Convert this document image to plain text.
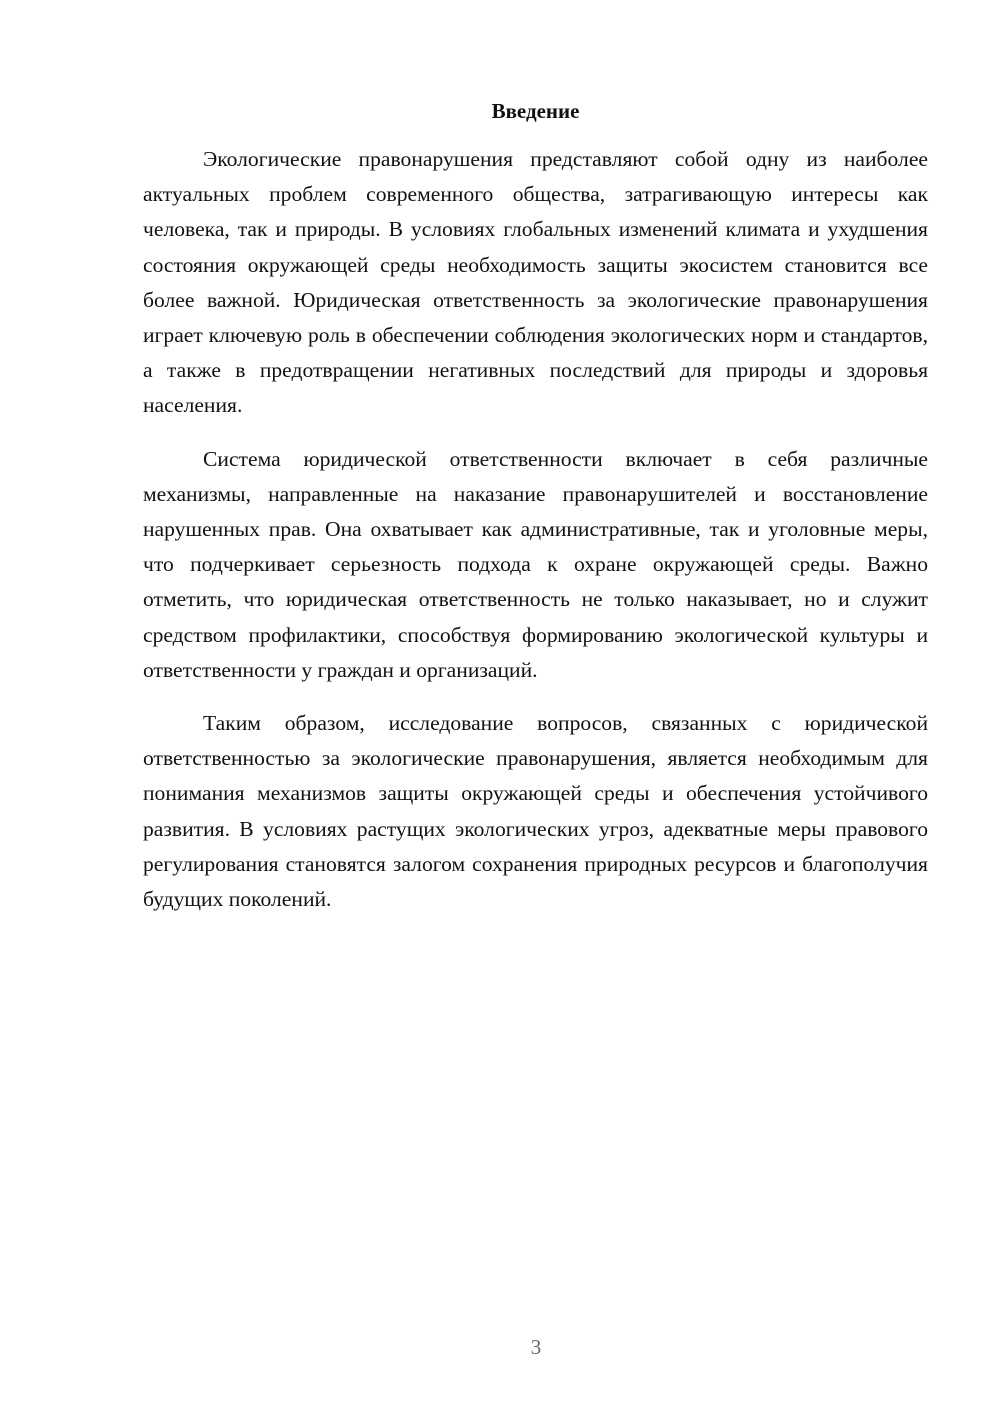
Введение

Экологические правонарушения представляют собой одну из наиболее актуальных проблем современного общества, затрагивающую интересы как человека, так и природы. В условиях глобальных изменений климата и ухудшения состояния окружающей среды необходимость защиты экосистем становится все более важной. Юридическая ответственность за экологические правонарушения играет ключевую роль в обеспечении соблюдения экологических норм и стандартов, а также в предотвращении негативных последствий для природы и здоровья населения.

Система юридической ответственности включает в себя различные механизмы, направленные на наказание правонарушителей и восстановление нарушенных прав. Она охватывает как административные, так и уголовные меры, что подчеркивает серьезность подхода к охране окружающей среды. Важно отметить, что юридическая ответственность не только наказывает, но и служит средством профилактики, способствуя формированию экологической культуры и ответственности у граждан и организаций.

Таким образом, исследование вопросов, связанных с юридической ответственностью за экологические правонарушения, является необходимым для понимания механизмов защиты окружающей среды и обеспечения устойчивого развития. В условиях растущих экологических угроз, адекватные меры правового регулирования становятся залогом сохранения природных ресурсов и благополучия будущих поколений.

3
